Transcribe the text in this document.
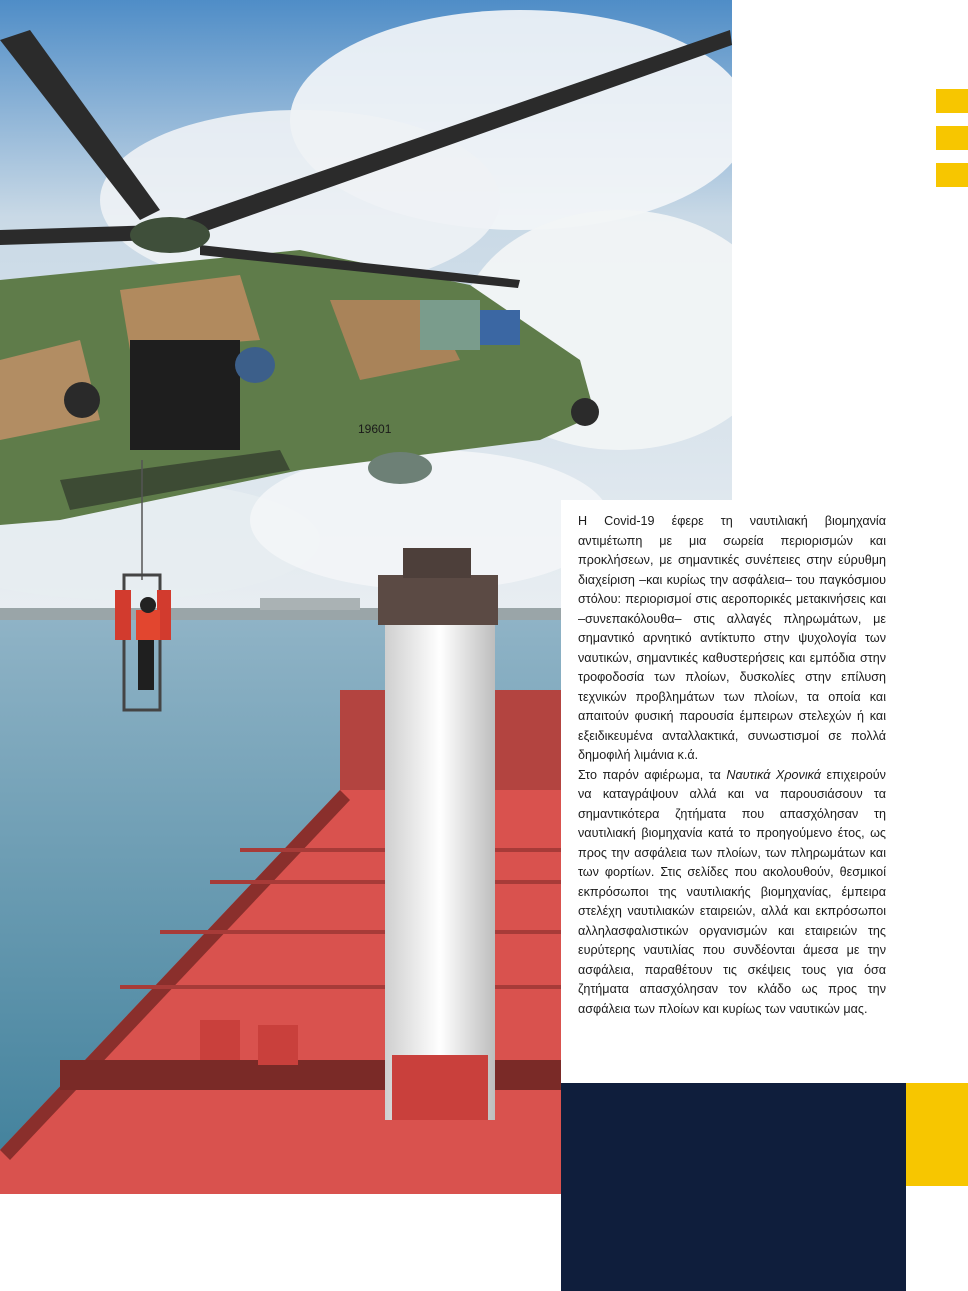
19601

Η Covid-19 έφερε τη ναυτιλιακή βιομηχανία αντιμέτωπη με μια σωρεία περιορισμών και προκλήσεων, με σημαντικές συνέπειες στην εύρυθμη διαχείριση –και κυρίως την ασφάλεια– του παγκόσμιου στόλου: περιορισμοί στις αεροπορικές μετακινήσεις και –συνεπακόλουθα– στις αλλαγές πληρωμάτων, με σημαντικό αρνητικό αντίκτυπο στην ψυχολογία των ναυτικών, σημαντικές καθυστερήσεις και εμπόδια στην τροφοδοσία των πλοίων, δυσκολίες στην επίλυση τεχνικών προβλημάτων των πλοίων, τα οποία και απαιτούν φυσική παρουσία έμπειρων στελεχών ή και εξειδικευμένα ανταλλακτικά, συνωστισμοί σε πολλά δημοφιλή λιμάνια κ.ά.

Στο παρόν αφιέρωμα, τα Ναυτικά Χρονικά επιχειρούν να καταγράψουν αλλά και να παρουσιάσουν τα σημαντικότερα ζητήματα που απασχόλησαν τη ναυτιλιακή βιομηχανία κατά το προηγούμενο έτος, ως προς την ασφάλεια των πλοίων, των πληρωμάτων και των φορτίων. Στις σελίδες που ακολουθούν, θεσμικοί εκπρόσωποι της ναυτιλιακής βιομηχανίας, έμπειρα στελέχη ναυτιλιακών εταιρειών, αλλά και εκπρόσωποι αλληλασφαλιστικών οργανισμών και εταιρειών της ευρύτερης ναυτιλίας που συνδέονται άμεσα με την ασφάλεια, παραθέτουν τις σκέψεις τους για όσα ζητήματα απασχόλησαν τον κλάδο ως προς την ασφάλεια των πλοίων και κυρίως των ναυτικών μας.
